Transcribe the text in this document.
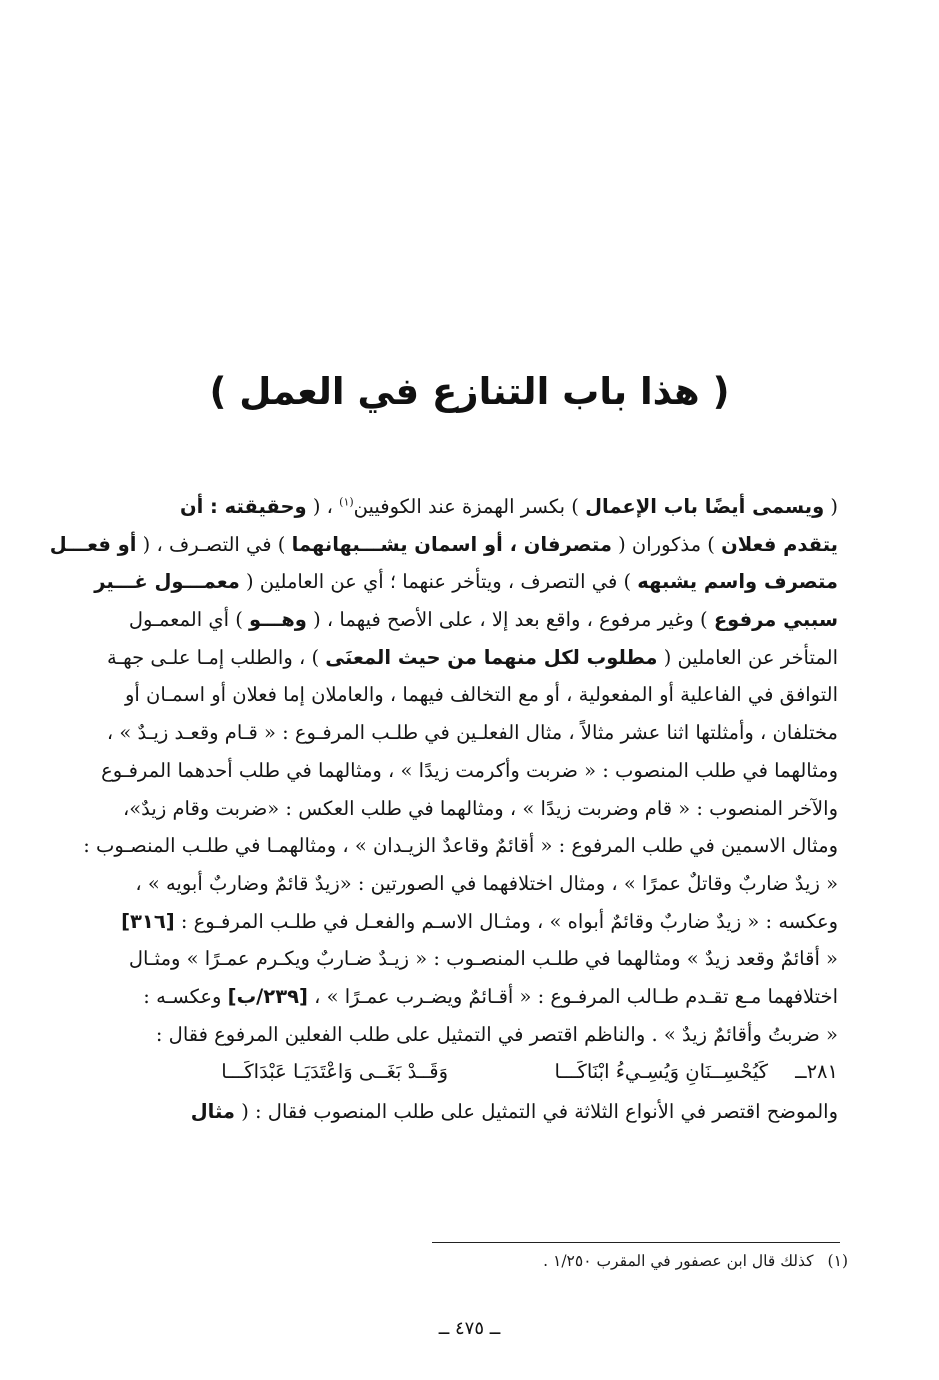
( هذا باب التنازع في العمل )
( ويسمى أيضًا باب الإعمال ) بكسر الهمزة عند الكوفيين$^{(١)}$ ، ( وحقيقته : أن
يتقدم فعلان ) مذكوران ( متصرفان ، أو اسمان يشـــبهانهما ) في التصـرف ، ( أو فعـــل
متصرف واسم يشبهه ) في التصرف ، ويتأخر عنهما ؛ أي عن العاملين ( معمـــول غـــير
سببي مرفوع ) وغير مرفوع ، واقع بعد إلا ، على الأصح فيهما ، ( وهـــو ) أي المعمـول
المتأخر عن العاملين ( مطلوب لكل منهما من حيث المعنَى ) ، والطلب إمـا علـى جهـة
التوافق في الفاعلية أو المفعولية ، أو مع التخالف فيهما ، والعاملان إما فعلان أو اسمـان أو
مختلفان ، وأمثلتها اثنا عشر مثالاً ، مثال الفعلـين في طلـب المرفـوع : « قـام وقعـد زيـدٌ » ،
ومثالهما في طلب المنصوب : « ضربت وأكرمت زيدًا » ، ومثالهما في طلب أحدهما المرفـوع
والآخر المنصوب : « قام وضربت زيدًا » ، ومثالهما في طلب العكس : «ضربت وقام زيدٌ»،
ومثال الاسمين في طلب المرفوع : « أقائمٌ وقاعدٌ الزيـدان » ، ومثالهمـا في طلـب المنصـوب :
« زيدٌ ضاربٌ وقاتلٌ عمرًا » ، ومثال اختلافهما في الصورتين : «زيدٌ قائمٌ وضاربٌ أبويه » ،
وعكسه : « زيدٌ ضاربٌ وقائمٌ أبواه » ، ومثـال الاسـم والفعـل في طلـب المرفـوع : [٣١٦]
« أقائمٌ وقعد زيدٌ » ومثالهما في طلـب المنصـوب : « زيـدٌ ضـاربٌ ويكـرم عمـرًا » ومثـال
اختلافهما مـع تقـدم طـالب المرفـوع : « أقـائمٌ ويضـرب عمـرًا » ، [٢٣٩/ب] وعكسـه :
« ضربتُ وأقائمٌ زيدٌ » . والناظم اقتصر في التمثيل على طلب الفعلين المرفوع فقال :
٢٨١ــ
كَيُحْسِــنَانِ وَيُسِـيءُ ابْنَاكَـــا
وَقَــدْ بَغَــى وَاعْتَدَيَـا عَبْدَاكَـــا
والموضح اقتصر في الأنواع الثلاثة في التمثيل على طلب المنصوب فقال : ( مثال
(١)
كذلك قال ابن عصفور في المقرب ١/٢٥٠ .
ــ ٤٧٥ ــ
